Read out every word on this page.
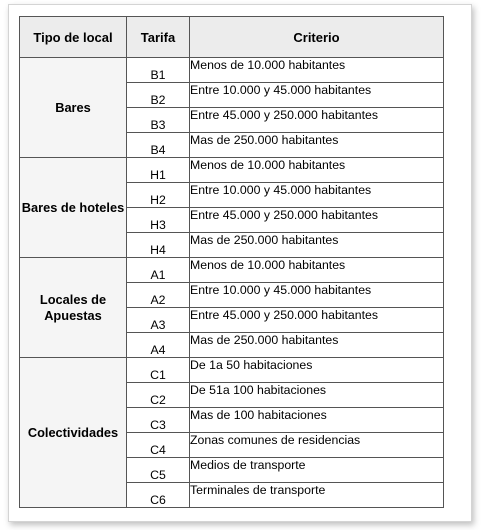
Tipo de local	Tarifa	Criterio
Bares	B1	Menos de 10.000 habitantes
	B2	Entre 10.000 y 45.000 habitantes
	B3	Entre 45.000 y 250.000 habitantes
	B4	Mas de 250.000 habitantes
Bares de hoteles	H1	Menos de 10.000 habitantes
	H2	Entre 10.000 y 45.000 habitantes
	H3	Entre 45.000 y 250.000 habitantes
	H4	Mas de 250.000 habitantes
Locales de Apuestas	A1	Menos de 10.000 habitantes
	A2	Entre 10.000 y 45.000 habitantes
	A3	Entre 45.000 y 250.000 habitantes
	A4	Mas de 250.000 habitantes
Colectividades	C1	De 1a 50 habitaciones
	C2	De 51a 100 habitaciones
	C3	Mas de 100 habitaciones
	C4	Zonas comunes de residencias
	C5	Medios de transporte
	C6	Terminales de transporte
